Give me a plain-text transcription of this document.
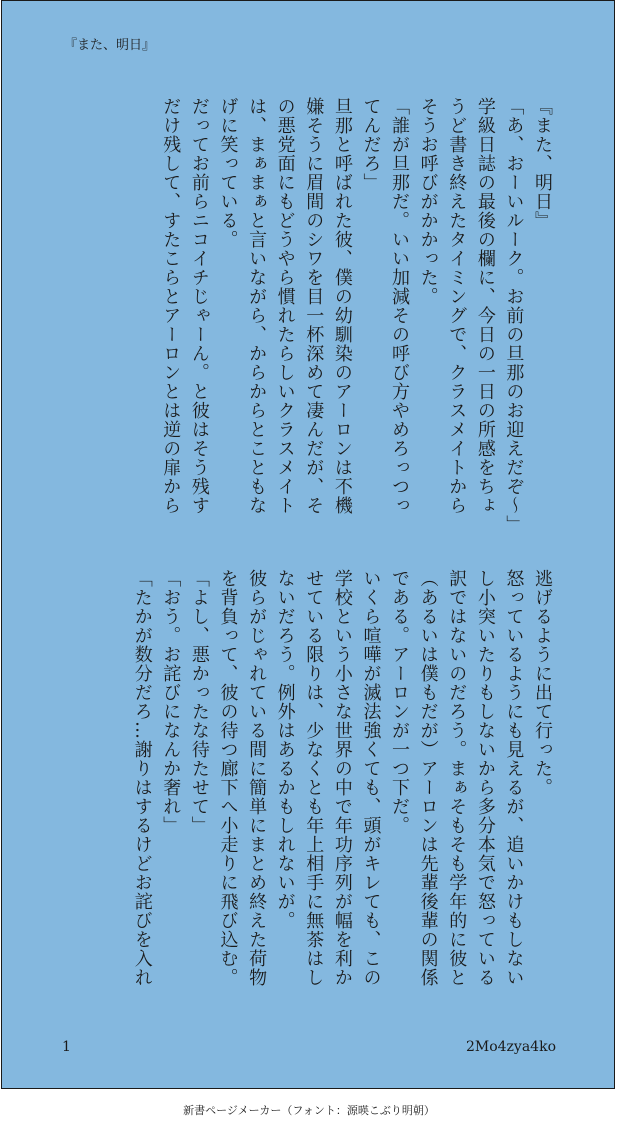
『また、明日』
『また、明日』
「あ、おーいルーク。お前の旦那のお迎えだぞ～」
学級日誌の最後の欄に、今日の一日の所感をちょ
うど書き終えたタイミングで、クラスメイトから
そうお呼びがかかった。
「誰が旦那だ。いい加減その呼び方やめろっつっ
てんだろ」
旦那と呼ばれた彼、僕の幼馴染のアーロンは不機
嫌そうに眉間のシワを目一杯深めて凄んだが、そ
の悪党面にもどうやら慣れたらしいクラスメイト
は、まぁまぁと言いながら、からからとこともな
げに笑っている。
だってお前らニコイチじゃーん。と彼はそう残す
だけ残して、すたこらとアーロンとは逆の扉から
逃げるように出て行った。
怒っているようにも見えるが、追いかけもしない
し小突いたりもしないから多分本気で怒っている
訳ではないのだろう。まぁそもそも学年的に彼と
（あるいは僕もだが）アーロンは先輩後輩の関係
である。アーロンが一つ下だ。
いくら喧嘩が滅法強くても、頭がキレても、この
学校という小さな世界の中で年功序列が幅を利か
せている限りは、少なくとも年上相手に無茶はし
ないだろう。例外はあるかもしれないが。
彼らがじゃれている間に簡単にまとめ終えた荷物
を背負って、彼の待つ廊下へ小走りに飛び込む。
「よし、悪かったな待たせて」
「おう。お詫びになんか奢れ」
「たかが数分だろ…謝りはするけどお詫びを入れ
1	2Mo4zya4ko
新書ページメーカー（フォント：源暎こぶり明朝）
